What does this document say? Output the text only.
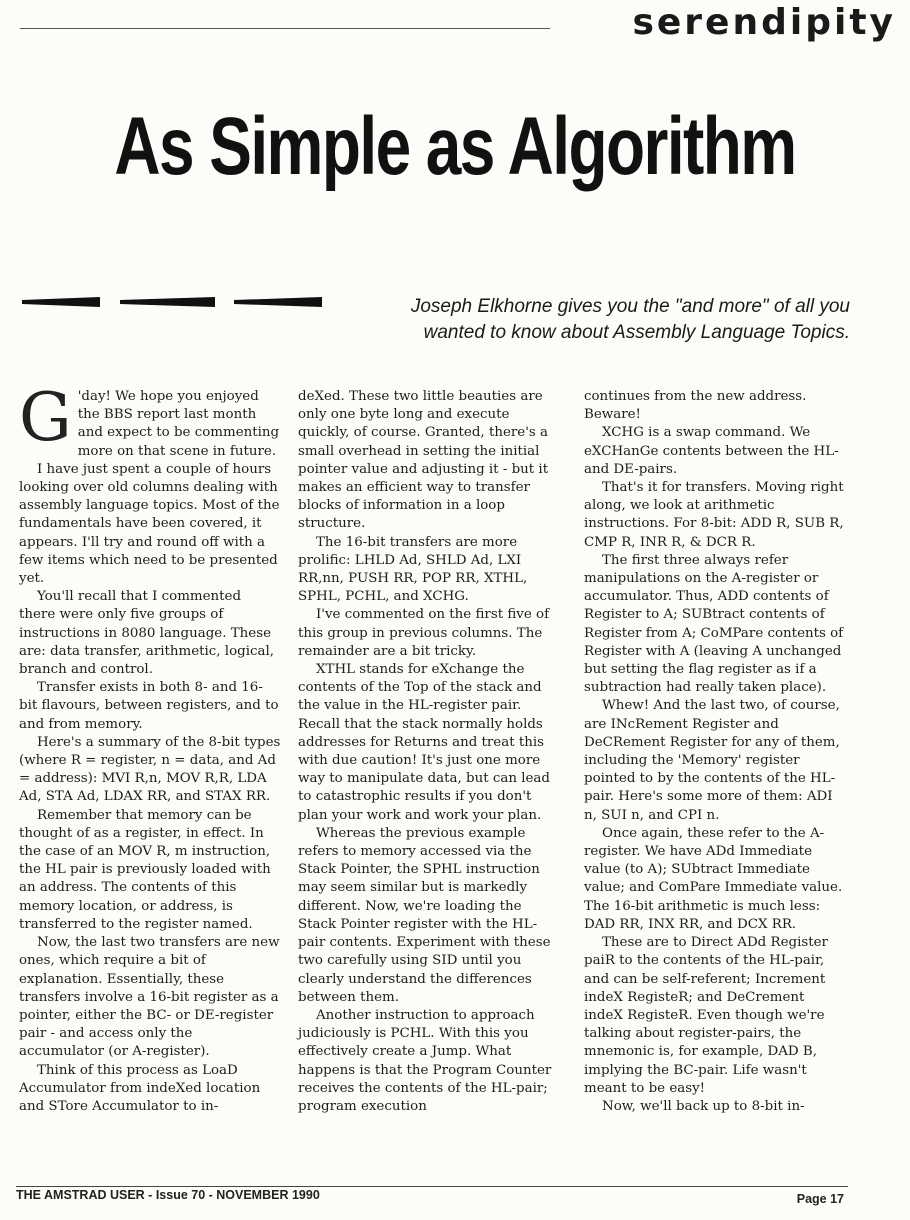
serendipity
As Simple as Algorithm
Joseph Elkhorne gives you the "and more" of all you wanted to know about Assembly Language Topics.

G 'day! We hope you enjoyed the BBS report last month and expect to be commenting more on that scene in future.

I have just spent a couple of hours looking over old columns dealing with assembly language topics. Most of the fundamentals have been covered, it appears. I'll try and round off with a few items which need to be presented yet.

You'll recall that I commented there were only five groups of instructions in 8080 language. These are: data transfer, arithmetic, logical, branch and control.

Transfer exists in both 8- and 16- bit flavours, between registers, and to and from memory.

Here's a summary of the 8-bit types (where R = register, n = data, and Ad = address): MVI R,n, MOV R,R, LDA Ad, STA Ad, LDAX RR, and STAX RR.

Remember that memory can be thought of as a register, in effect. In the case of an MOV R, m instruction, the HL pair is previously loaded with an address. The contents of this memory location, or address, is transferred to the register named.

Now, the last two transfers are new ones, which require a bit of explanation. Essentially, these transfers involve a 16-bit register as a pointer, either the BC- or DE-register pair - and access only the accumulator (or A-register).

Think of this process as LoaD Accumulator from indeXed location and STore Accumulator to in-

deXed. These two little beauties are only one byte long and execute quickly, of course. Granted, there's a small overhead in setting the initial pointer value and adjusting it - but it makes an efficient way to transfer blocks of information in a loop structure.

The 16-bit transfers are more prolific: LHLD Ad, SHLD Ad, LXI RR,nn, PUSH RR, POP RR, XTHL, SPHL, PCHL, and XCHG.

I've commented on the first five of this group in previous columns. The remainder are a bit tricky.

XTHL stands for eXchange the contents of the Top of the stack and the value in the HL-register pair. Recall that the stack normally holds addresses for Returns and treat this with due caution! It's just one more way to manipulate data, but can lead to catastrophic results if you don't plan your work and work your plan.

Whereas the previous example refers to memory accessed via the Stack Pointer, the SPHL instruction may seem similar but is markedly different. Now, we're loading the Stack Pointer register with the HL-pair contents. Experiment with these two carefully using SID until you clearly understand the differences between them.

Another instruction to approach judiciously is PCHL. With this you effectively create a Jump. What happens is that the Program Counter receives the contents of the HL-pair; program execution

continues from the new address. Beware!

XCHG is a swap command. We eXCHanGe contents between the HL- and DE-pairs.

That's it for transfers. Moving right along, we look at arithmetic instructions. For 8-bit: ADD R, SUB R, CMP R, INR R, & DCR R.

The first three always refer manipulations on the A-register or accumulator. Thus, ADD contents of Register to A; SUBtract contents of Register from A; CoMPare contents of Register with A (leaving A unchanged but setting the flag register as if a subtraction had really taken place).

Whew! And the last two, of course, are INcRement Register and DeCRement Register for any of them, including the 'Memory' register pointed to by the contents of the HL-pair. Here's some more of them: ADI n, SUI n, and CPI n.

Once again, these refer to the A-register. We have ADd Immediate value (to A); SUbtract Immediate value; and ComPare Immediate value. The 16-bit arithmetic is much less: DAD RR, INX RR, and DCX RR.

These are to Direct ADd Register paiR to the contents of the HL-pair, and can be self-referent; Increment indeX RegisteR; and DeCrement indeX RegisteR. Even though we're talking about register-pairs, the mnemonic is, for example, DAD B, implying the BC-pair. Life wasn't meant to be easy!

Now, we'll back up to 8-bit in-

THE AMSTRAD USER - Issue 70 - NOVEMBER 1990	Page 17
